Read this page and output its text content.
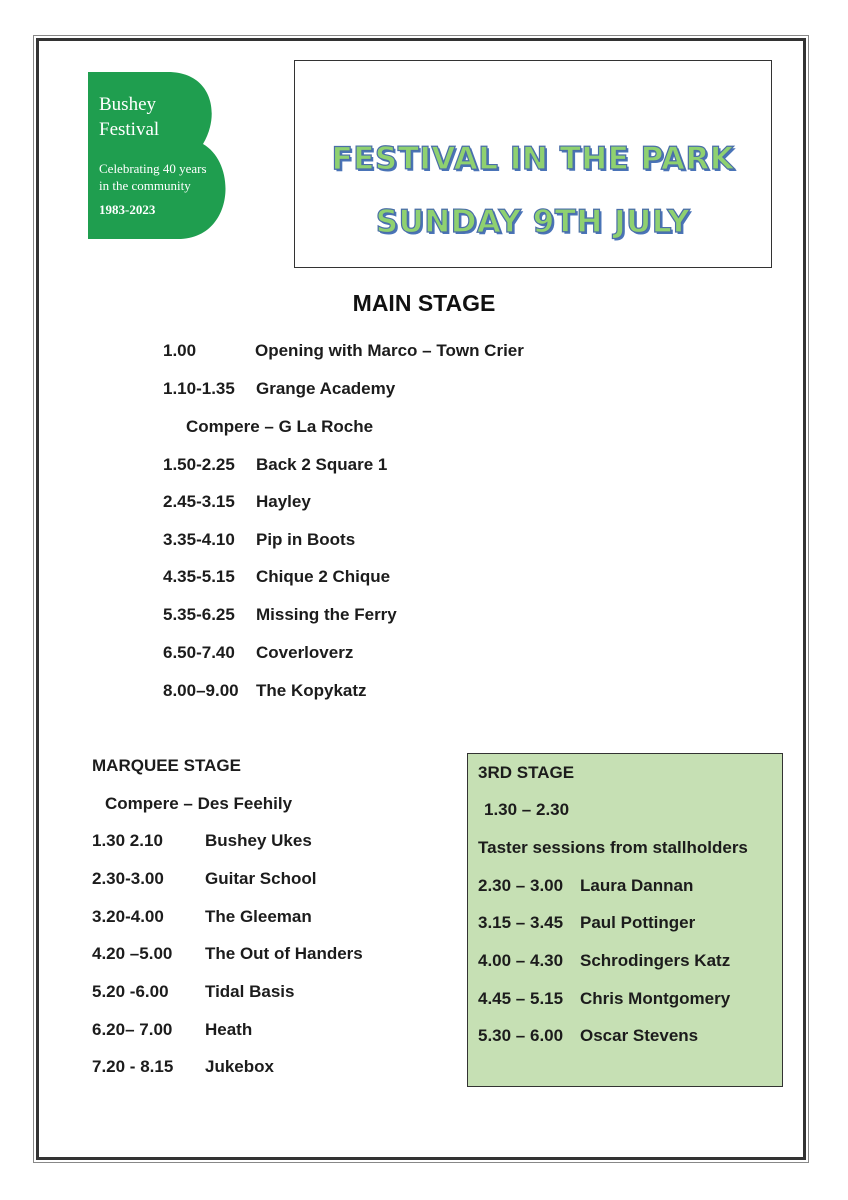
Bushey
Festival
Celebrating 40 years
in the community
1983-2023
FESTIVAL IN THE PARK
SUNDAY 9TH JULY
MAIN STAGE
1.00	Opening with Marco – Town Crier
1.10-1.35 Grange Academy
Compere – G La Roche
1.50-2.25 Back 2 Square 1
2.45-3.15 Hayley
3.35-4.10 Pip in Boots
4.35-5.15 Chique 2 Chique
5.35-6.25 Missing the Ferry
6.50-7.40 Coverloverz
8.00–9.00 The Kopykatz
MARQUEE STAGE
Compere – Des Feehily
1.30 2.10 Bushey Ukes
2.30-3.00 Guitar School
3.20-4.00 The Gleeman
4.20 –5.00 The Out of Handers
5.20 -6.00 Tidal Basis
6.20– 7.00 Heath
7.20 - 8.15 Jukebox
3RD STAGE
1.30 – 2.30
Taster sessions from stallholders
2.30 – 3.00 Laura Dannan
3.15 – 3.45 Paul Pottinger
4.00 – 4.30 Schrodingers Katz
4.45 – 5.15 Chris Montgomery
5.30 – 6.00 Oscar Stevens
